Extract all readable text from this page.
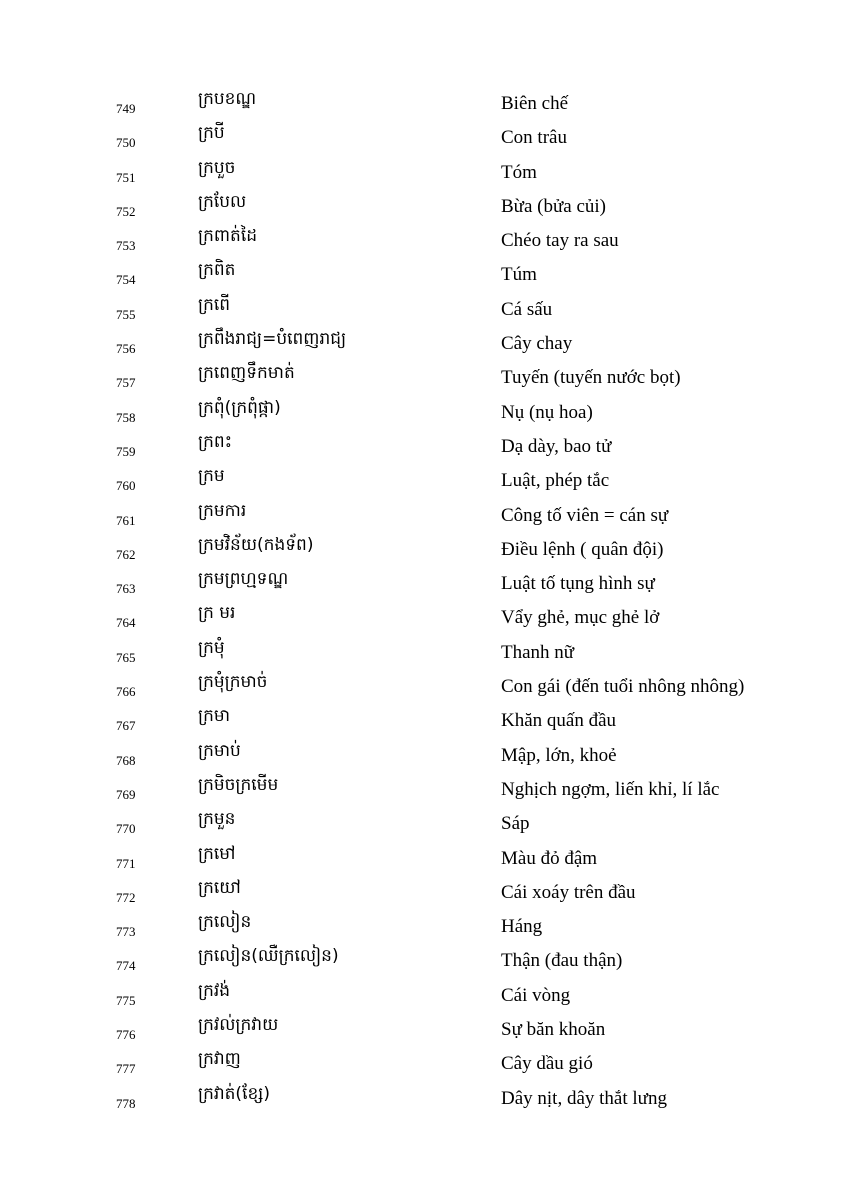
749	ក្របខណ្ឌ	Biên chế
750	ក្របី	Con trâu
751	ក្របួច	Tóm
752	ក្របែល	Bừa (bửa củi)
753	ក្រពាត់ដៃ	Chéo tay ra sau
754	ក្រពិត	Túm
755	ក្រពើ	Cá sấu
756	ក្រពឹងរាជ្យ=បំពេញរាជ្យ	Cây chay
757	ក្រពេញទឹកមាត់	Tuyến (tuyến nước bọt)
758	ក្រពុំ(ក្រពុំផ្កា)	Nụ (nụ hoa)
759	ក្រពះ	Dạ dày, bao tử
760	ក្រម	Luật, phép tắc
761	ក្រមការ	Công tố viên = cán sự
762	ក្រមវិន័យ(កងទ័ព)	Điều lệnh ( quân đội)
763	ក្រមព្រហ្មទណ្ឌ	Luật tố tụng hình sự
764	ក្រ មរ	Vẩy ghẻ, mục ghẻ lở
765	ក្រមុំ	Thanh nữ
766	ក្រមុំក្រមាច់	Con gái (đến tuổi nhông nhông)
767	ក្រមា	Khăn quấn đầu
768	ក្រមាប់	Mập, lớn, khoẻ
769	ក្រមិចក្រមើម	Nghịch ngợm, liến khỉ, lí lắc
770	ក្រមួន	Sáp
771	ក្រមៅ	Màu đỏ đậm
772	ក្រយៅ	Cái xoáy trên đầu
773	ក្រលៀន	Háng
774	ក្រលៀន(ឈឺក្រលៀន)	Thận (đau thận)
775	ក្រវង់	Cái vòng
776	ក្រវល់ក្រវាយ	Sự băn khoăn
777	ក្រវាញ	Cây dầu gió
778	ក្រវាត់(ខ្សែ)	Dây nịt, dây thắt lưng
